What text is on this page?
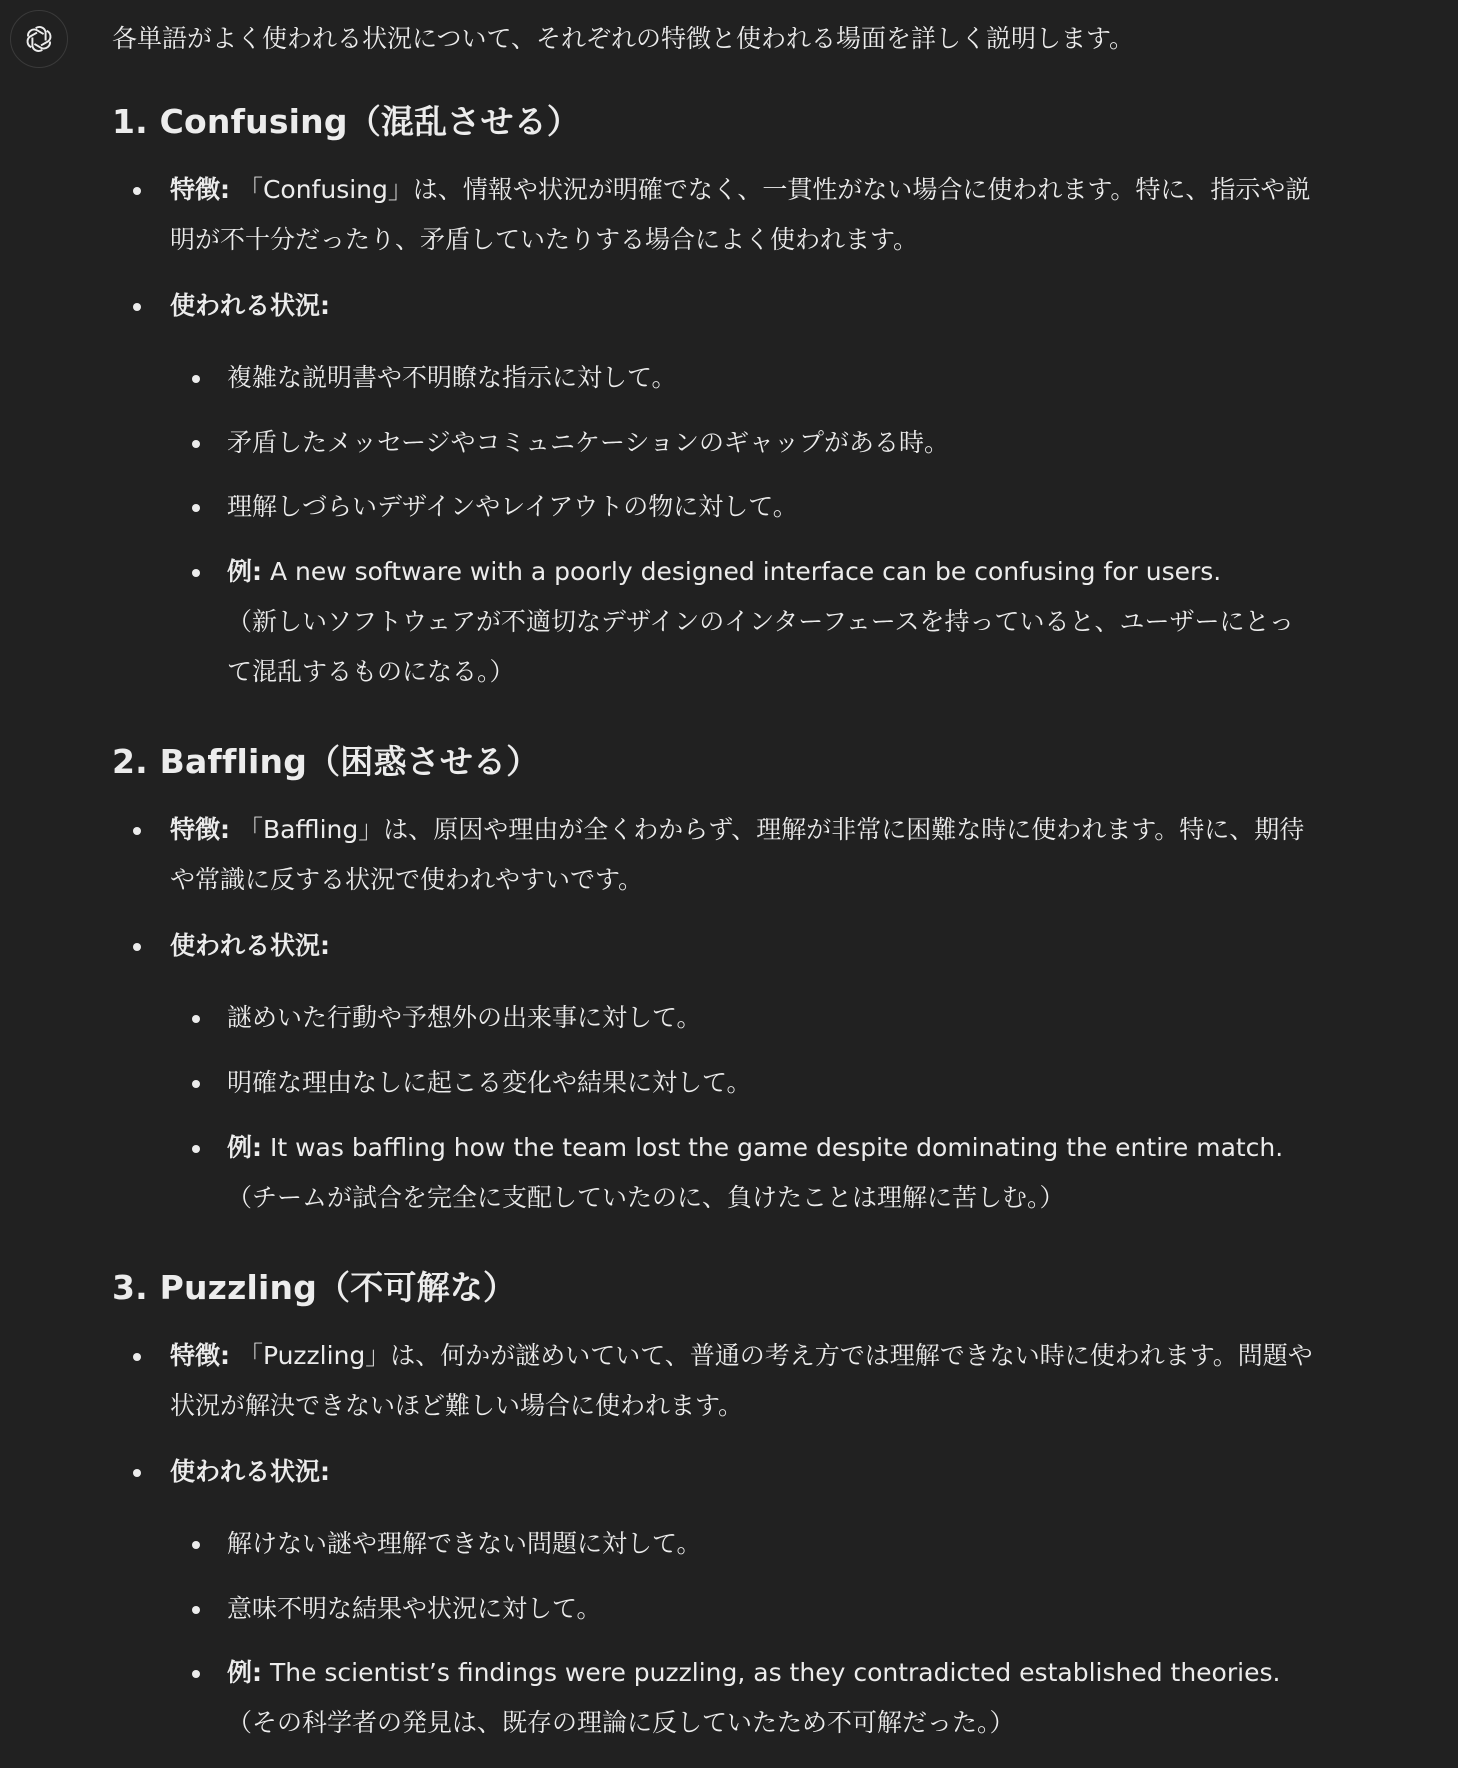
各単語がよく使われる状況について、それぞれの特徴と使われる場面を詳しく説明します。

1. Confusing（混乱させる）
特徴: 「Confusing」は、情報や状況が明確でなく、一貫性がない場合に使われます。特に、指示や説
明が不十分だったり、矛盾していたりする場合によく使われます。
使われる状況:
複雑な説明書や不明瞭な指示に対して。
矛盾したメッセージやコミュニケーションのギャップがある時。
理解しづらいデザインやレイアウトの物に対して。
例: A new software with a poorly designed interface can be confusing for users.
（新しいソフトウェアが不適切なデザインのインターフェースを持っていると、ユーザーにとっ
て混乱するものになる。）
2. Baffling（困惑させる）
特徴: 「Baffling」は、原因や理由が全くわからず、理解が非常に困難な時に使われます。特に、期待
や常識に反する状況で使われやすいです。
使われる状況:
謎めいた行動や予想外の出来事に対して。
明確な理由なしに起こる変化や結果に対して。
例: It was baffling how the team lost the game despite dominating the entire match.
（チームが試合を完全に支配していたのに、負けたことは理解に苦しむ。）
3. Puzzling（不可解な）
特徴: 「Puzzling」は、何かが謎めいていて、普通の考え方では理解できない時に使われます。問題や
状況が解決できないほど難しい場合に使われます。
使われる状況:
解けない謎や理解できない問題に対して。
意味不明な結果や状況に対して。
例: The scientist’s findings were puzzling, as they contradicted established theories.
（その科学者の発見は、既存の理論に反していたため不可解だった。）
